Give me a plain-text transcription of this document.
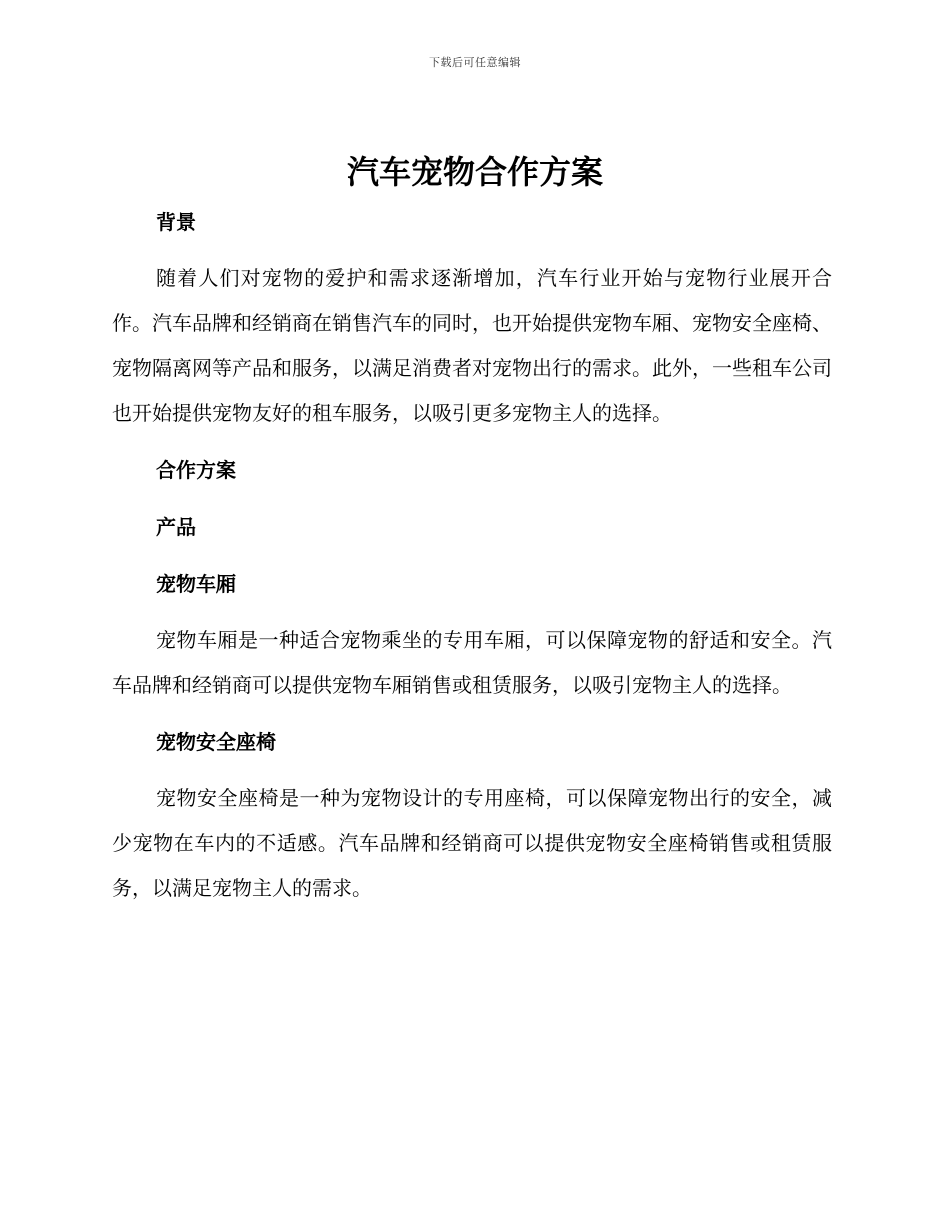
下载后可任意编辑
汽车宠物合作方案

背景

随着人们对宠物的爱护和需求逐渐增加，汽车行业开始与宠物行业展开合作。汽车品牌和经销商在销售汽车的同时，也开始提供宠物车厢、宠物安全座椅、宠物隔离网等产品和服务，以满足消费者对宠物出行的需求。此外，一些租车公司也开始提供宠物友好的租车服务，以吸引更多宠物主人的选择。

合作方案

产品

宠物车厢

宠物车厢是一种适合宠物乘坐的专用车厢，可以保障宠物的舒适和安全。汽车品牌和经销商可以提供宠物车厢销售或租赁服务，以吸引宠物主人的选择。

宠物安全座椅

宠物安全座椅是一种为宠物设计的专用座椅，可以保障宠物出行的安全，减少宠物在车内的不适感。汽车品牌和经销商可以提供宠物安全座椅销售或租赁服务，以满足宠物主人的需求。
